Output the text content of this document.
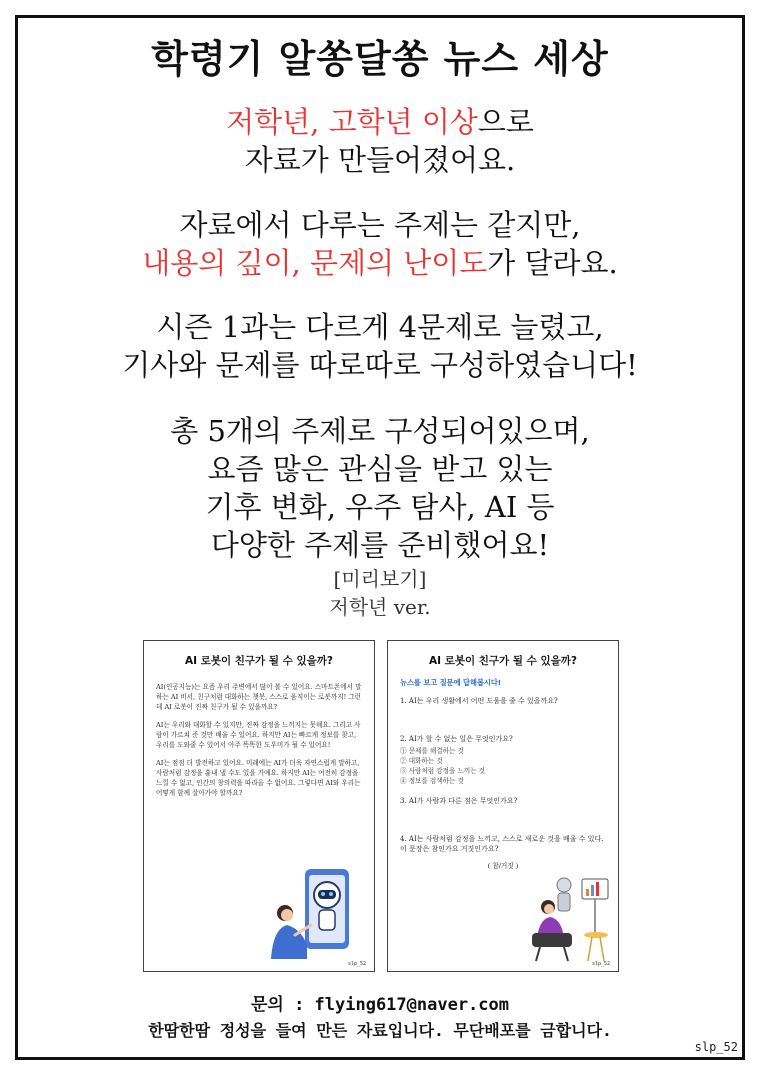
학령기 알쏭달쏭 뉴스 세상
저학년, 고학년 이상으로
자료가 만들어졌어요.
자료에서 다루는 주제는 같지만,
내용의 깊이, 문제의 난이도가 달라요.
시즌 1과는 다르게 4문제로 늘렸고,
기사와 문제를 따로따로 구성하였습니다!
총 5개의 주제로 구성되어있으며,
요즘 많은 관심을 받고 있는
기후 변화, 우주 탐사, AI 등
다양한 주제를 준비했어요!
[미리보기]
저학년 ver.
AI 로봇이 친구가 될 수 있을까?
AI(인공지능)는 요즘 우리 주변에서 많이 볼 수 있어요. 스마트폰에서 말하는 AI 비서, 친구처럼 대화하는 챗봇, 스스로 움직이는 로봇까지! 그런데 AI 로봇이 진짜 친구가 될 수 있을까요?
AI는 우리와 대화할 수 있지만, 진짜 감정을 느끼지는 못해요. 그리고 사람이 가르쳐 준 것만 배울 수 있어요. 하지만 AI는 빠르게 정보를 찾고, 우리를 도와줄 수 있어서 아주 똑똑한 도우미가 될 수 있어요!
AI는 점점 더 발전하고 있어요. 미래에는 AI가 더욱 자연스럽게 말하고, 사람처럼 감정을 흉내 낼 수도 있을 거예요. 하지만 AI는 여전히 감정을 느낄 수 없고, 인간의 창의력을 따라올 수 없어요. 그렇다면 AI와 우리는 어떻게 함께 살아가야 할까요?
slp_52
AI 로봇이 친구가 될 수 있을까?
뉴스를 보고 질문에 답해봅시다!
1. AI는 우리 생활에서 어떤 도움을 줄 수 있을까요?
2. AI가 할 수 없는 일은 무엇인가요?
① 문제를 해결하는 것
② 대화하는 것
③ 사람처럼 감정을 느끼는 것
④ 정보를 검색하는 것
3. AI가 사람과 다른 점은 무엇인가요?
4. AI는 사람처럼 감정을 느끼고, 스스로 새로운 것을 배울 수 있다. 이 문장은 참인가요 거짓인가요?
( 참/거짓 )
slp_52
문의 : flying617@naver.com
한땀한땀 정성을 들여 만든 자료입니다. 무단배포를 금합니다.
slp_52
